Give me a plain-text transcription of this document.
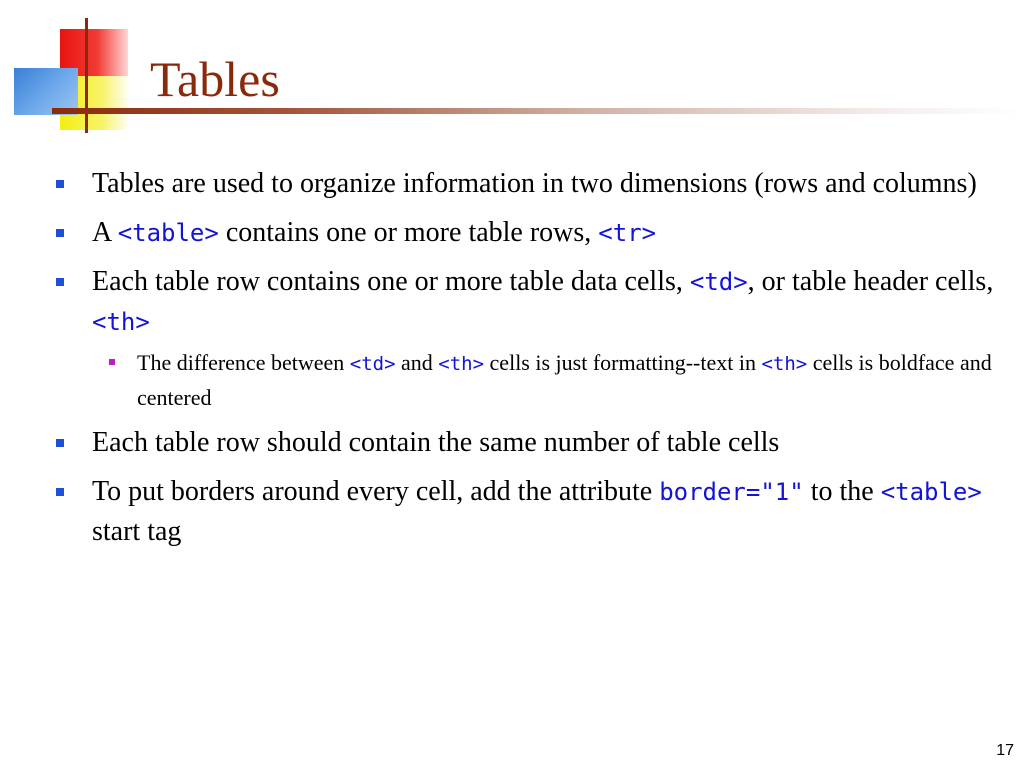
Tables
Tables are used to organize information in two dimensions (rows and columns)
A <table> contains one or more table rows, <tr>
Each table row contains one or more table data cells, <td>, or table header cells, <th>
The difference between <td> and <th> cells is just formatting--text in <th> cells is boldface and centered
Each table row should contain the same number of table cells
To put borders around every cell, add the attribute border="1" to the <table> start tag
17
